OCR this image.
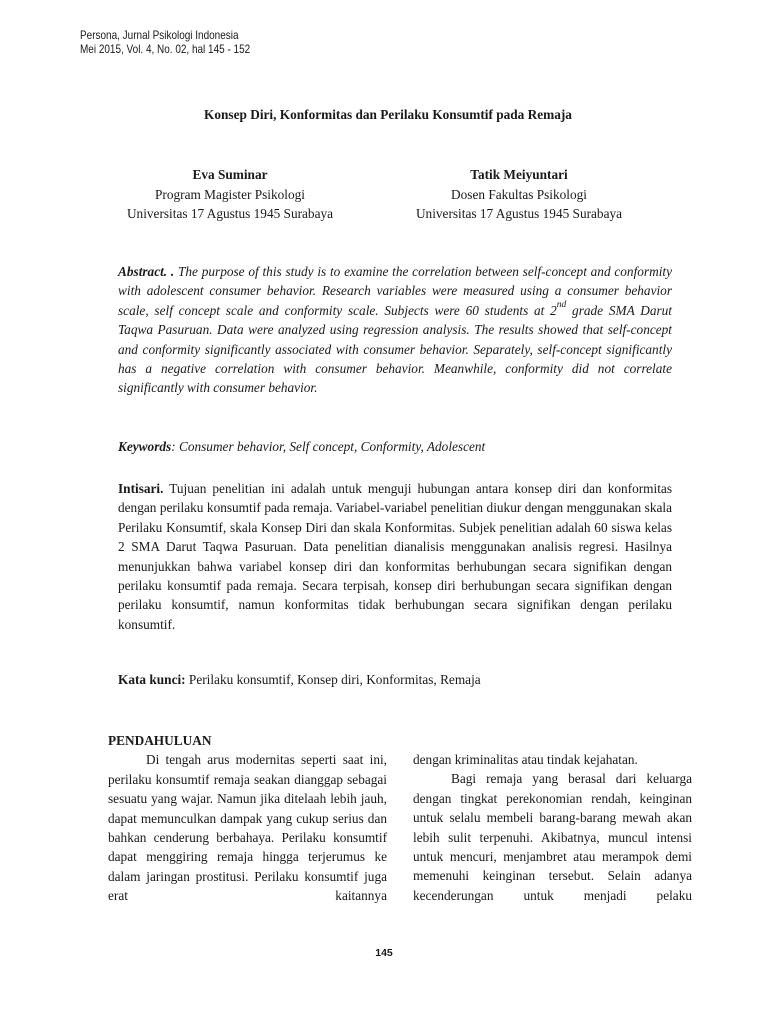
Persona, Jurnal Psikologi Indonesia
Mei 2015, Vol. 4, No. 02, hal 145 - 152
Konsep Diri, Konformitas dan Perilaku Konsumtif pada Remaja
Eva Suminar
Program Magister Psikologi
Universitas 17 Agustus 1945 Surabaya
Tatik Meiyuntari
Dosen Fakultas Psikologi
Universitas 17 Agustus 1945 Surabaya
Abstract. . The purpose of this study is to examine the correlation between self-concept and conformity with adolescent consumer behavior. Research variables were measured using a consumer behavior scale, self concept scale and conformity scale. Subjects were 60 students at 2nd grade SMA Darut Taqwa Pasuruan. Data were analyzed using regression analysis. The results showed that self-concept and conformity significantly associated with consumer behavior. Separately, self-concept significantly has a negative correlation with consumer behavior. Meanwhile, conformity did not correlate significantly with consumer behavior.
Keywords: Consumer behavior, Self concept, Conformity, Adolescent
Intisari. Tujuan penelitian ini adalah untuk menguji hubungan antara konsep diri dan konformitas dengan perilaku konsumtif pada remaja. Variabel-variabel penelitian diukur dengan menggunakan skala Perilaku Konsumtif, skala Konsep Diri dan skala Konformitas. Subjek penelitian adalah 60 siswa kelas 2 SMA Darut Taqwa Pasuruan. Data penelitian dianalisis menggunakan analisis regresi. Hasilnya menunjukkan bahwa variabel konsep diri dan konformitas berhubungan secara signifikan dengan perilaku konsumtif pada remaja. Secara terpisah, konsep diri berhubungan secara signifikan dengan perilaku konsumtif, namun konformitas tidak berhubungan secara signifikan dengan perilaku konsumtif.
Kata kunci: Perilaku konsumtif, Konsep diri, Konformitas, Remaja
PENDAHULUAN

Di tengah arus modernitas seperti saat ini, perilaku konsumtif remaja seakan dianggap sebagai sesuatu yang wajar. Namun jika ditelaah lebih jauh, dapat memunculkan dampak yang cukup serius dan bahkan cenderung berbahaya. Perilaku konsumtif dapat menggiring remaja hingga terjerumus ke dalam jaringan prostitusi. Perilaku konsumtif juga erat kaitannya

dengan kriminalitas atau tindak kejahatan.

Bagi remaja yang berasal dari keluarga dengan tingkat perekonomian rendah, keinginan untuk selalu membeli barang-barang mewah akan lebih sulit terpenuhi. Akibatnya, muncul intensi untuk mencuri, menjambret atau merampok demi memenuhi keinginan tersebut. Selain adanya kecenderungan untuk menjadi pelaku

145
